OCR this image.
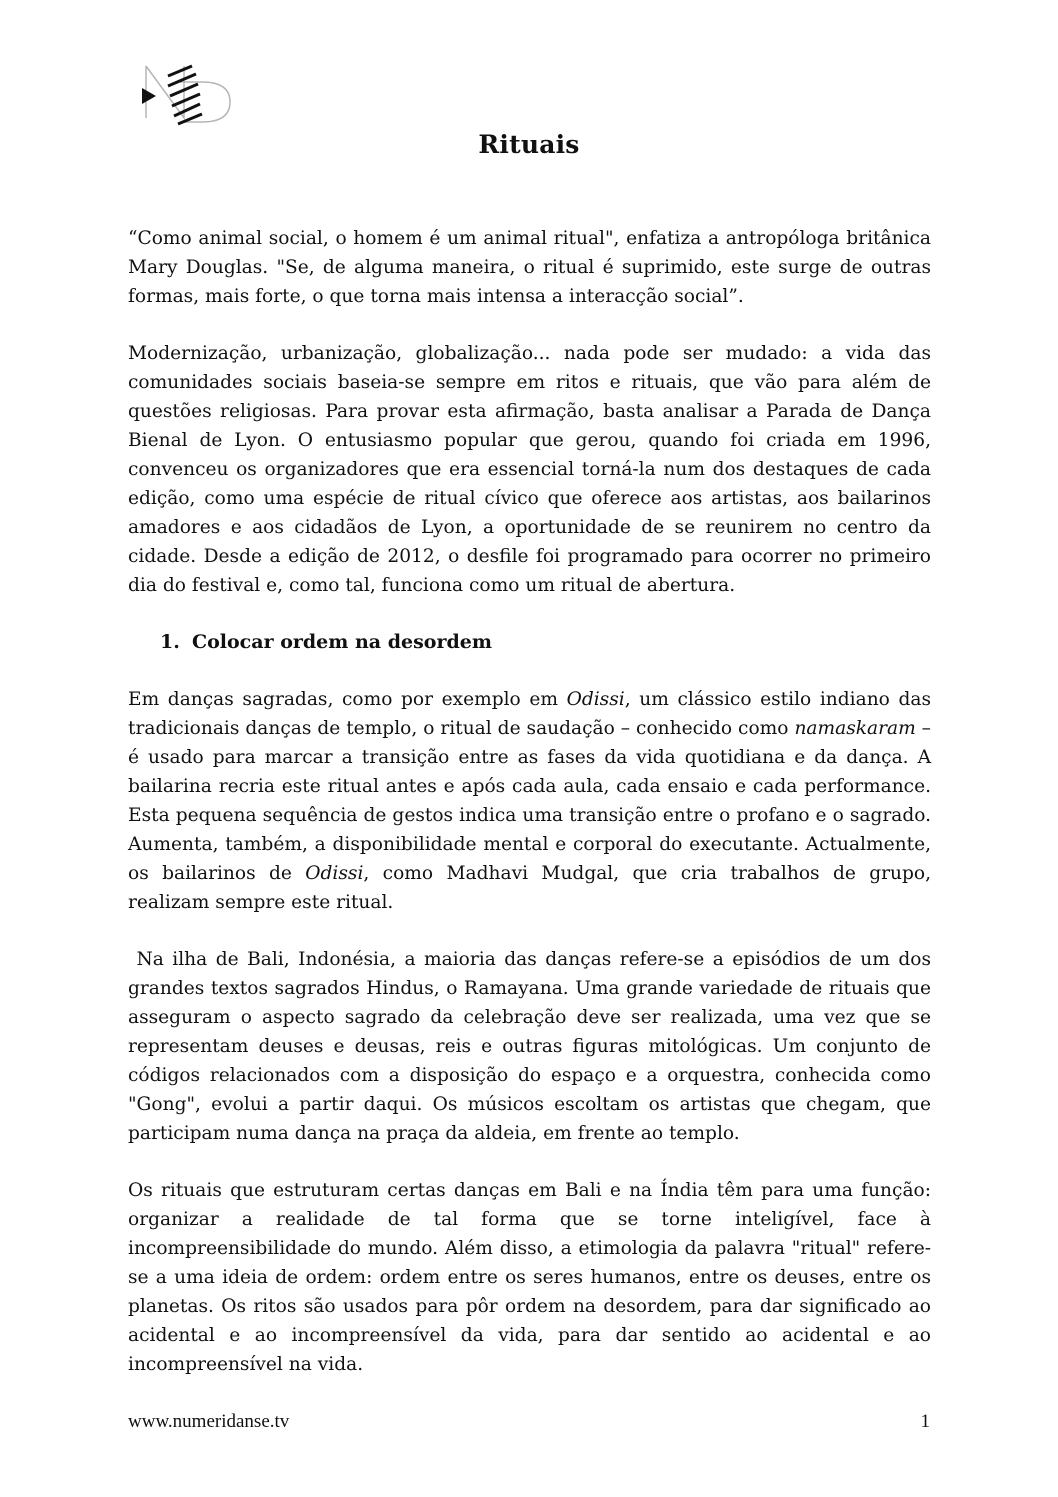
Rituais

“Como animal social, o homem é um animal ritual", enfatiza a antropóloga britânica Mary Douglas. "Se, de alguma maneira, o ritual é suprimido, este surge de outras formas, mais forte, o que torna mais intensa a interacção social”.

Modernização, urbanização, globalização... nada pode ser mudado: a vida das comunidades sociais baseia-se sempre em ritos e rituais, que vão para além de questões religiosas. Para provar esta afirmação, basta analisar a Parada de Dança Bienal de Lyon. O entusiasmo popular que gerou, quando foi criada em 1996, convenceu os organizadores que era essencial torná-la num dos destaques de cada edição, como uma espécie de ritual cívico que oferece aos artistas, aos bailarinos amadores e aos cidadãos de Lyon, a oportunidade de se reunirem no centro da cidade. Desde a edição de 2012, o desfile foi programado para ocorrer no primeiro dia do festival e, como tal, funciona como um ritual de abertura.

1. Colocar ordem na desordem

Em danças sagradas, como por exemplo em Odissi, um clássico estilo indiano das tradicionais danças de templo, o ritual de saudação – conhecido como namaskaram – é usado para marcar a transição entre as fases da vida quotidiana e da dança. A bailarina recria este ritual antes e após cada aula, cada ensaio e cada performance. Esta pequena sequência de gestos indica uma transição entre o profano e o sagrado. Aumenta, também, a disponibilidade mental e corporal do executante. Actualmente, os bailarinos de Odissi, como Madhavi Mudgal, que cria trabalhos de grupo, realizam sempre este ritual.

Na ilha de Bali, Indonésia, a maioria das danças refere-se a episódios de um dos grandes textos sagrados Hindus, o Ramayana. Uma grande variedade de rituais que asseguram o aspecto sagrado da celebração deve ser realizada, uma vez que se representam deuses e deusas, reis e outras figuras mitológicas. Um conjunto de códigos relacionados com a disposição do espaço e a orquestra, conhecida como "Gong", evolui a partir daqui. Os músicos escoltam os artistas que chegam, que participam numa dança na praça da aldeia, em frente ao templo.

Os rituais que estruturam certas danças em Bali e na Índia têm para uma função: organizar a realidade de tal forma que se torne inteligível, face à incompreensibilidade do mundo. Além disso, a etimologia da palavra "ritual" refere-se a uma ideia de ordem: ordem entre os seres humanos, entre os deuses, entre os planetas. Os ritos são usados para pôr ordem na desordem, para dar significado ao acidental e ao incompreensível da vida, para dar sentido ao acidental e ao incompreensível na vida.

www.numeridanse.tv	1
